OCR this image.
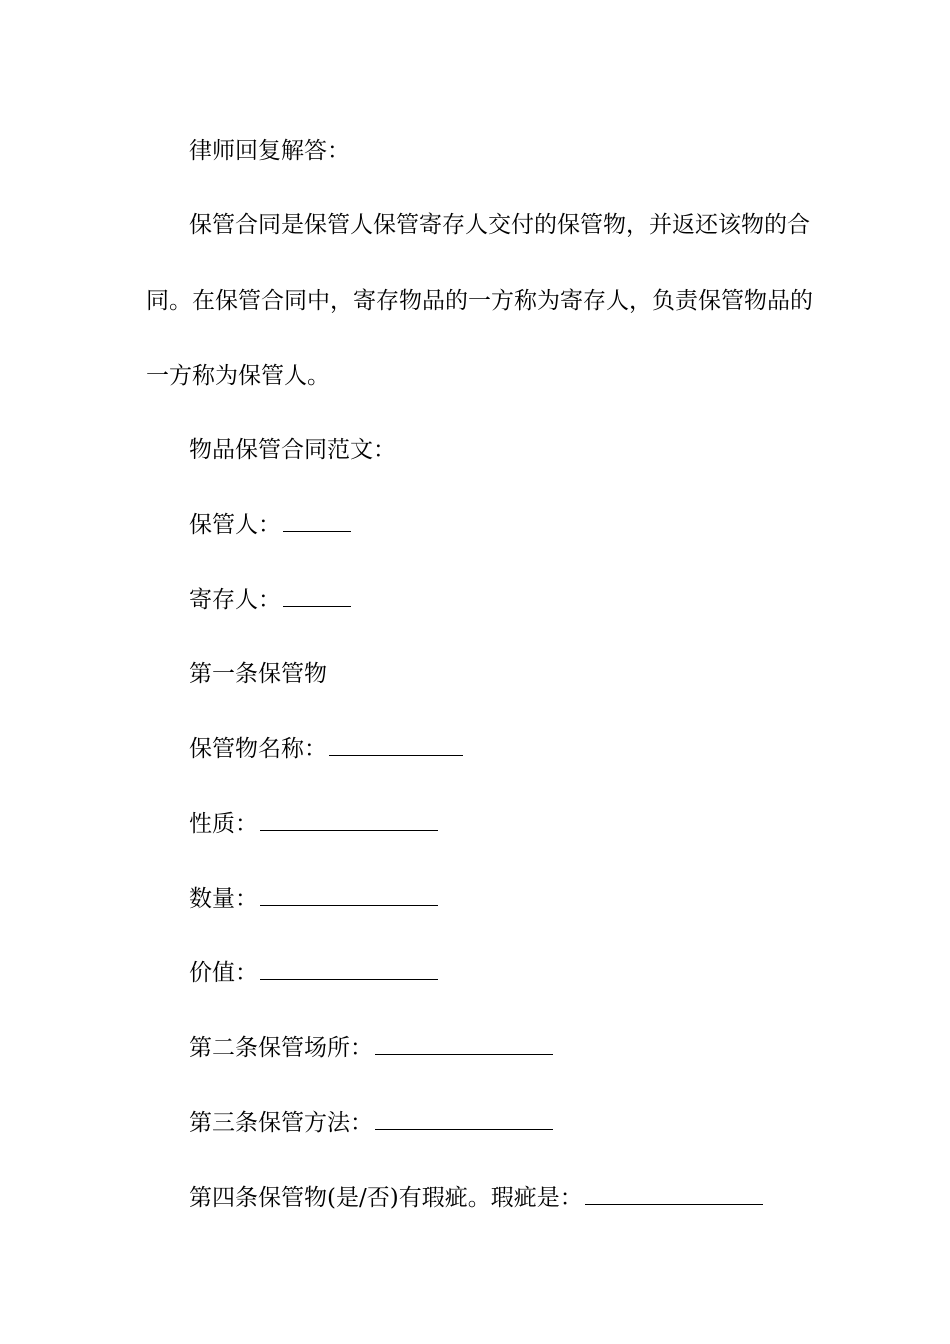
律师回复解答：
保管合同是保管人保管寄存人交付的保管物，并返还该物的合
同。在保管合同中，寄存物品的一方称为寄存人，负责保管物品的
一方称为保管人。
物品保管合同范文：
保管人：
寄存人：
第一条保管物
保管物名称：
性质：
数量：
价值：
第二条保管场所：
第三条保管方法：
第四条保管物(是/否)有瑕疵。瑕疵是：
